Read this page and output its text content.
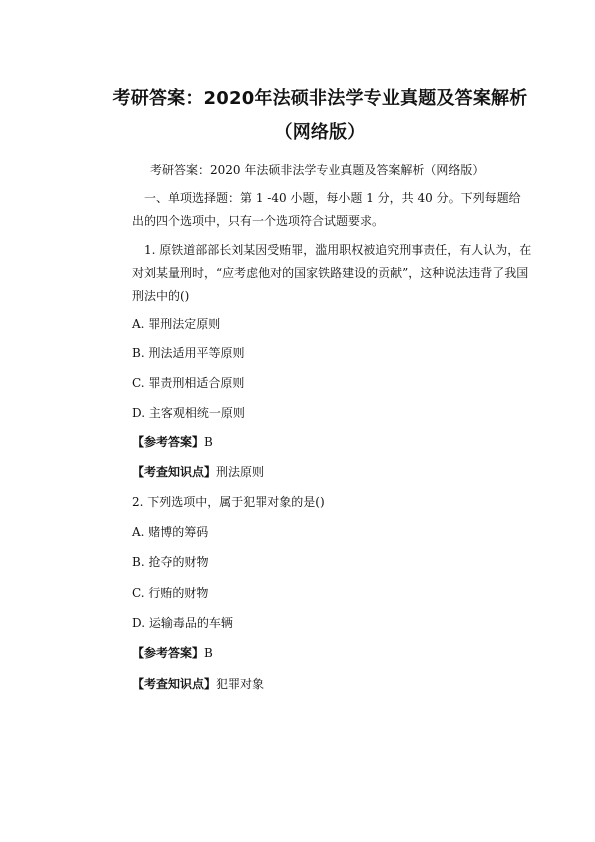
考研答案：2020年法硕非法学专业真题及答案解析
（网络版）
考研答案：2020 年法硕非法学专业真题及答案解析（网络版）
一、单项选择题：第 1 -40 小题，每小题 1 分，共 40 分。下列每题给出的四个选项中，只有一个选项符合试题要求。
1. 原铁道部部长刘某因受贿罪，滥用职权被追究刑事责任，有人认为，在对刘某量刑时，“应考虑他对的国家铁路建设的贡献”，这种说法违背了我国刑法中的()
A. 罪刑法定原则
B. 刑法适用平等原则
C. 罪责刑相适合原则
D. 主客观相统一原则
【参考答案】B
【考查知识点】刑法原则
2. 下列选项中，属于犯罪对象的是()
A. 赌博的筹码
B. 抢夺的财物
C. 行贿的财物
D. 运输毒品的车辆
【参考答案】B
【考查知识点】犯罪对象
